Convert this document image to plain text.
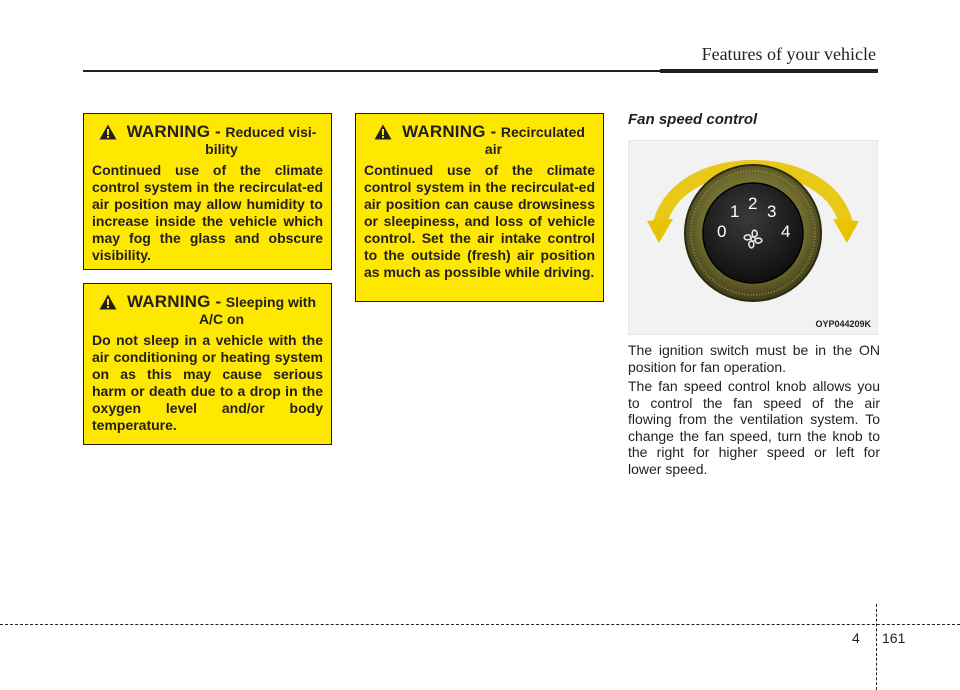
Features of your vehicle
WARNING - Reduced visi-

bility
Continued use of the climate control system in the recirculat-ed air position may allow humidity to increase inside the vehicle which may fog the glass and obscure visibility.
WARNING - Sleeping with

A/C on
Do not sleep in a vehicle with the air conditioning or heating system on as this may cause serious harm or death due to a drop in the oxygen level and/or body temperature.
WARNING - Recirculated

air
Continued use of the climate control system in the recirculat-ed air position can cause drowsiness or sleepiness, and loss of vehicle control. Set the air intake control to the outside (fresh) air position as much as possible while driving.
Fan speed control
0
1 2 3
4
OYP044209K

The ignition switch must be in the ON position for fan operation.

The fan speed control knob allows you to control the fan speed of the air flowing from the ventilation system. To change the fan speed, turn the knob to the right for higher speed or left for lower speed.

4 161
